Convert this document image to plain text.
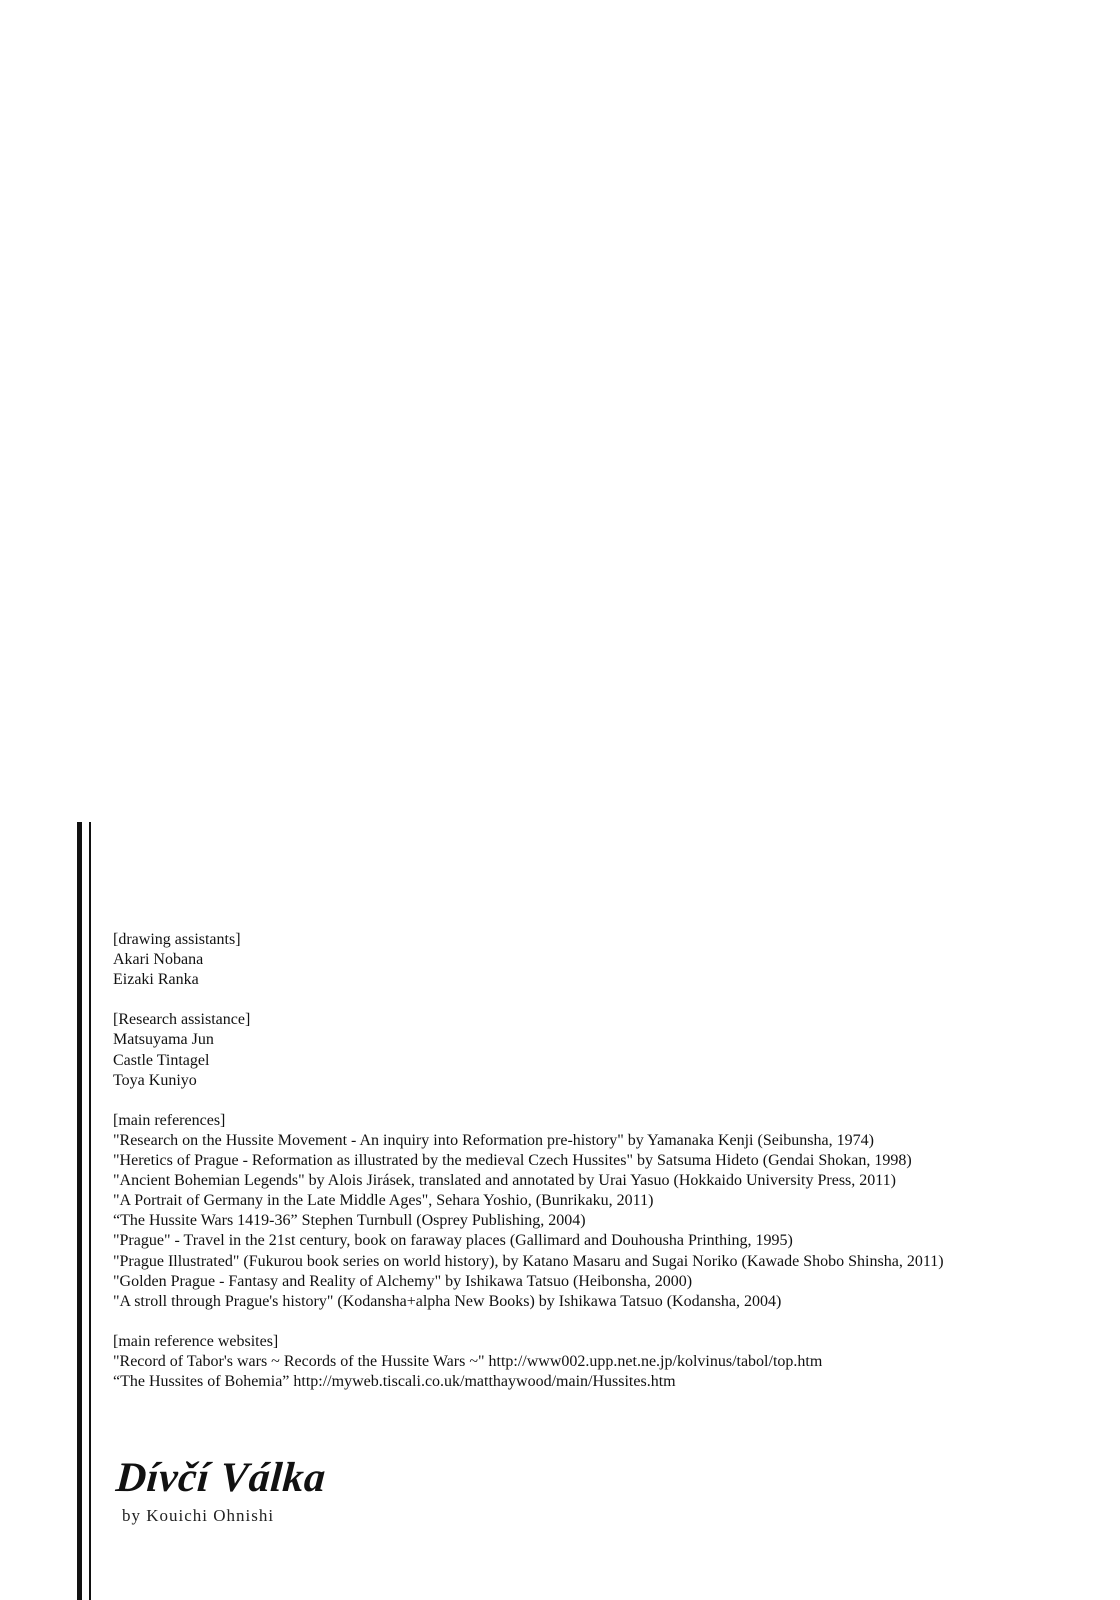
[drawing assistants]
Akari Nobana
Eizaki Ranka
[Research assistance]
Matsuyama Jun
Castle Tintagel
Toya Kuniyo
[main references]
"Research on the Hussite Movement - An inquiry into Reformation pre-history" by Yamanaka Kenji (Seibunsha, 1974)
"Heretics of Prague - Reformation as illustrated by the medieval Czech Hussites" by Satsuma Hideto (Gendai Shokan, 1998)
"Ancient Bohemian Legends" by Alois Jirásek, translated and annotated by Urai Yasuo (Hokkaido University Press, 2011)
"A Portrait of Germany in the Late Middle Ages", Sehara Yoshio, (Bunrikaku, 2011)
“The Hussite Wars 1419-36” Stephen Turnbull (Osprey Publishing, 2004)
"Prague" - Travel in the 21st century, book on faraway places (Gallimard and Douhousha Printhing, 1995)
"Prague Illustrated" (Fukurou book series on world history), by Katano Masaru and Sugai Noriko (Kawade Shobo Shinsha, 2011)
"Golden Prague - Fantasy and Reality of Alchemy" by Ishikawa Tatsuo (Heibonsha, 2000)
"A stroll through Prague's history" (Kodansha+alpha New Books) by Ishikawa Tatsuo (Kodansha, 2004)
[main reference websites]
"Record of Tabor's wars ~ Records of the Hussite Wars ~" http://www002.upp.net.ne.jp/kolvinus/tabol/top.htm
“The Hussites of Bohemia” http://myweb.tiscali.co.uk/matthaywood/main/Hussites.htm
Dívčí Válka
by Kouichi Ohnishi
